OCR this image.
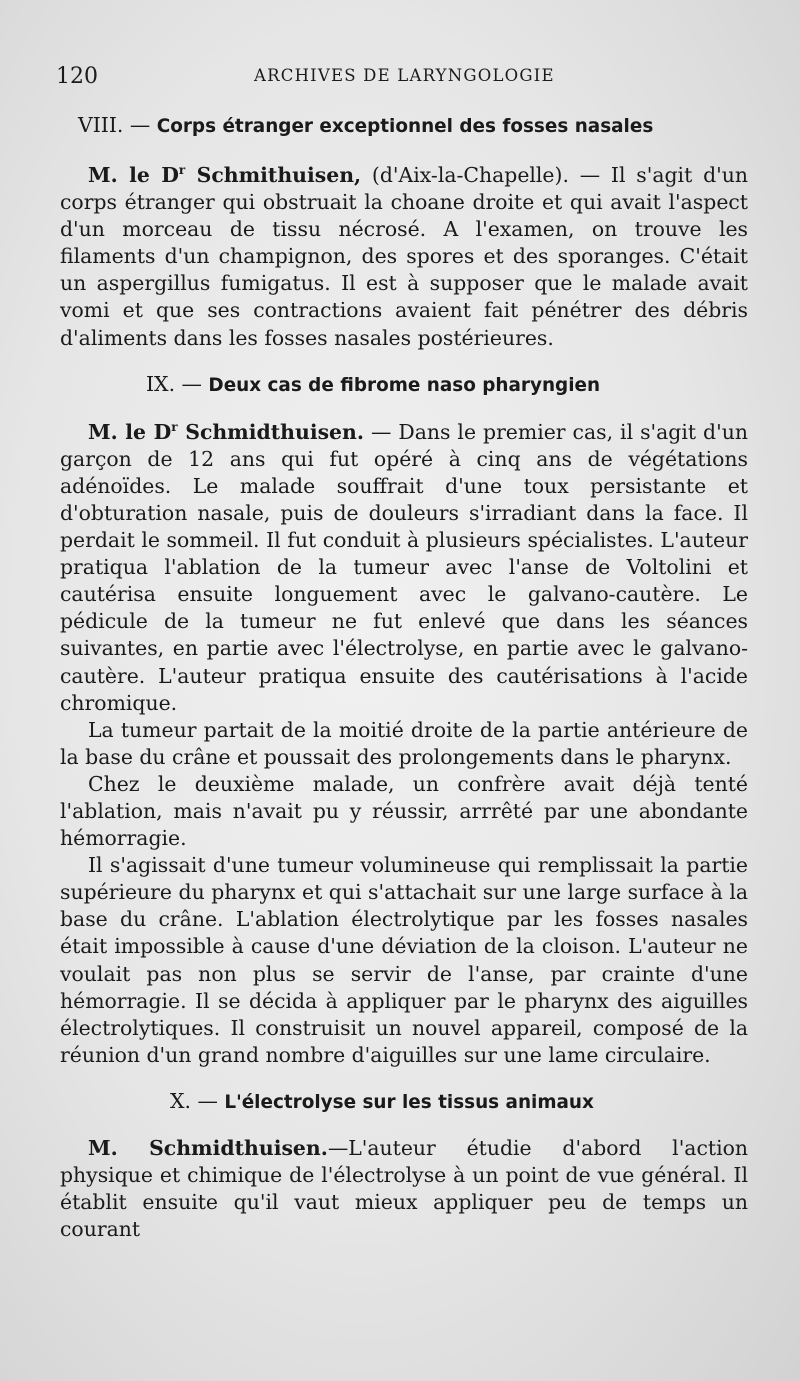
120	ARCHIVES DE LARYNGOLOGIE
VIII. — Corps étranger exceptionnel des fosses nasales

M. le $D^r$ Schmithuisen, (d'Aix-la-Chapelle). — Il s'agit d'un corps étranger qui obstruait la choane droite et qui avait l'aspect d'un morceau de tissu nécrosé. A l'examen, on trouve les filaments d'un champignon, des spores et des sporanges. C'était un aspergillus fumigatus. Il est à supposer que le malade avait vomi et que ses contractions avaient fait pénétrer des débris d'aliments dans les fosses nasales postérieures.

IX. — Deux cas de fibrome naso pharyngien

M. le $D^r$ Schmidthuisen. — Dans le premier cas, il s'agit d'un garçon de 12 ans qui fut opéré à cinq ans de végétations adénoïdes. Le malade souffrait d'une toux persistante et d'obturation nasale, puis de douleurs s'irradiant dans la face. Il perdait le sommeil. Il fut conduit à plusieurs spécialistes. L'auteur pratiqua l'ablation de la tumeur avec l'anse de Voltolini et cautérisa ensuite longuement avec le galvano-cautère. Le pédicule de la tumeur ne fut enlevé que dans les séances suivantes, en partie avec l'électrolyse, en partie avec le galvano-cautère. L'auteur pratiqua ensuite des cautérisations à l'acide chromique.

La tumeur partait de la moitié droite de la partie antérieure de la base du crâne et poussait des prolongements dans le pharynx.

Chez le deuxième malade, un confrère avait déjà tenté l'ablation, mais n'avait pu y réussir, arrrêté par une abondante hémorragie.

Il s'agissait d'une tumeur volumineuse qui remplissait la partie supérieure du pharynx et qui s'attachait sur une large surface à la base du crâne. L'ablation électrolytique par les fosses nasales était impossible à cause d'une déviation de la cloison. L'auteur ne voulait pas non plus se servir de l'anse, par crainte d'une hémorragie. Il se décida à appliquer par le pharynx des aiguilles électrolytiques. Il construisit un nouvel appareil, composé de la réunion d'un grand nombre d'aiguilles sur une lame circulaire.

X. — L'électrolyse sur les tissus animaux

M. Schmidthuisen.—L'auteur étudie d'abord l'action physique et chimique de l'électrolyse à un point de vue général. Il établit ensuite qu'il vaut mieux appliquer peu de temps un courant
